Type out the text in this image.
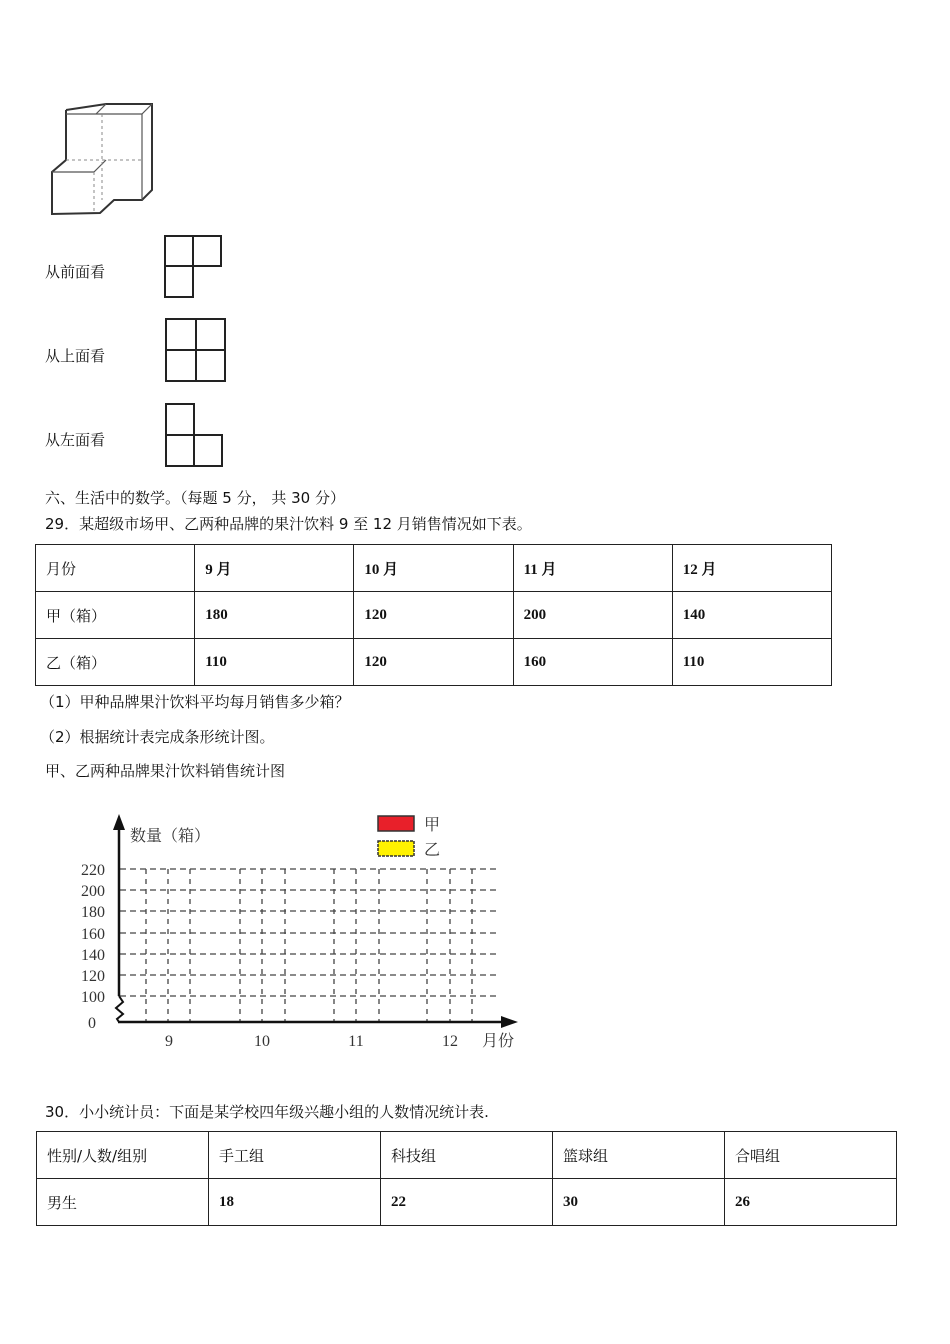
从前面看
从上面看
从左面看
六、生活中的数学。（每题 5 分， 共 30 分）
29．某超级市场甲、乙两种品牌的果汁饮料 9 至 12 月销售情况如下表。
月份	9 月	10 月	11 月	12 月
甲（箱）	180	120	200	140
乙（箱）	110	120	160	110
（1）甲种品牌果汁饮料平均每月销售多少箱？
（2）根据统计表完成条形统计图。
甲、乙两种品牌果汁饮料销售统计图
220
200
180
160
140
120
100
0
9	10	11	12 月份
数量（箱）
甲
乙
30．小小统计员：下面是某学校四年级兴趣小组的人数情况统计表.
性别/人数/组别	手工组	科技组	篮球组	合唱组
男生	18	22	30	26
